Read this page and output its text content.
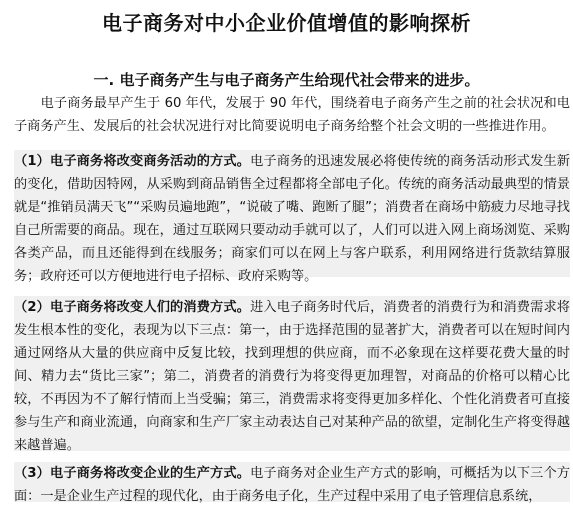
电子商务对中小企业价值增值的影响探析
一. 电子商务产生与电子商务产生给现代社会带来的进步。
　　电子商务最早产生于 60 年代，发展于 90 年代，围绕着电子商务产生之前的社会状况和电子商务产生、发展后的社会状况进行对比简要说明电子商务给整个社会文明的一些推进作用。
（1）电子商务将改变商务活动的方式。电子商务的迅速发展必将使传统的商务活动形式发生新的变化，借助因特网，从采购到商品销售全过程都将全部电子化。传统的商务活动最典型的情景就是“推销员满天飞”“采购员遍地跑”，“说破了嘴、跑断了腿”；消费者在商场中筋疲力尽地寻找自己所需要的商品。现在，通过互联网只要动动手就可以了，人们可以进入网上商场浏览、采购各类产品，而且还能得到在线服务；商家们可以在网上与客户联系，利用网络进行货款结算服务；政府还可以方便地进行电子招标、政府采购等。
（2）电子商务将改变人们的消费方式。进入电子商务时代后，消费者的消费行为和消费需求将发生根本性的变化，表现为以下三点：第一，由于选择范围的显著扩大，消费者可以在短时间内通过网络从大量的供应商中反复比较，找到理想的供应商，而不必象现在这样要花费大量的时间、精力去“货比三家”；第二，消费者的消费行为将变得更加理智，对商品的价格可以精心比较，不再因为不了解行情而上当受骗；第三，消费需求将变得更加多样化、个性化消费者可直接参与生产和商业流通，向商家和生产厂家主动表达自己对某种产品的欲望，定制化生产将变得越来越普遍。
（3）电子商务将改变企业的生产方式。电子商务对企业生产方式的影响，可概括为以下三个方面：一是企业生产过程的现代化，由于商务电子化，生产过程中采用了电子管理信息系统，
